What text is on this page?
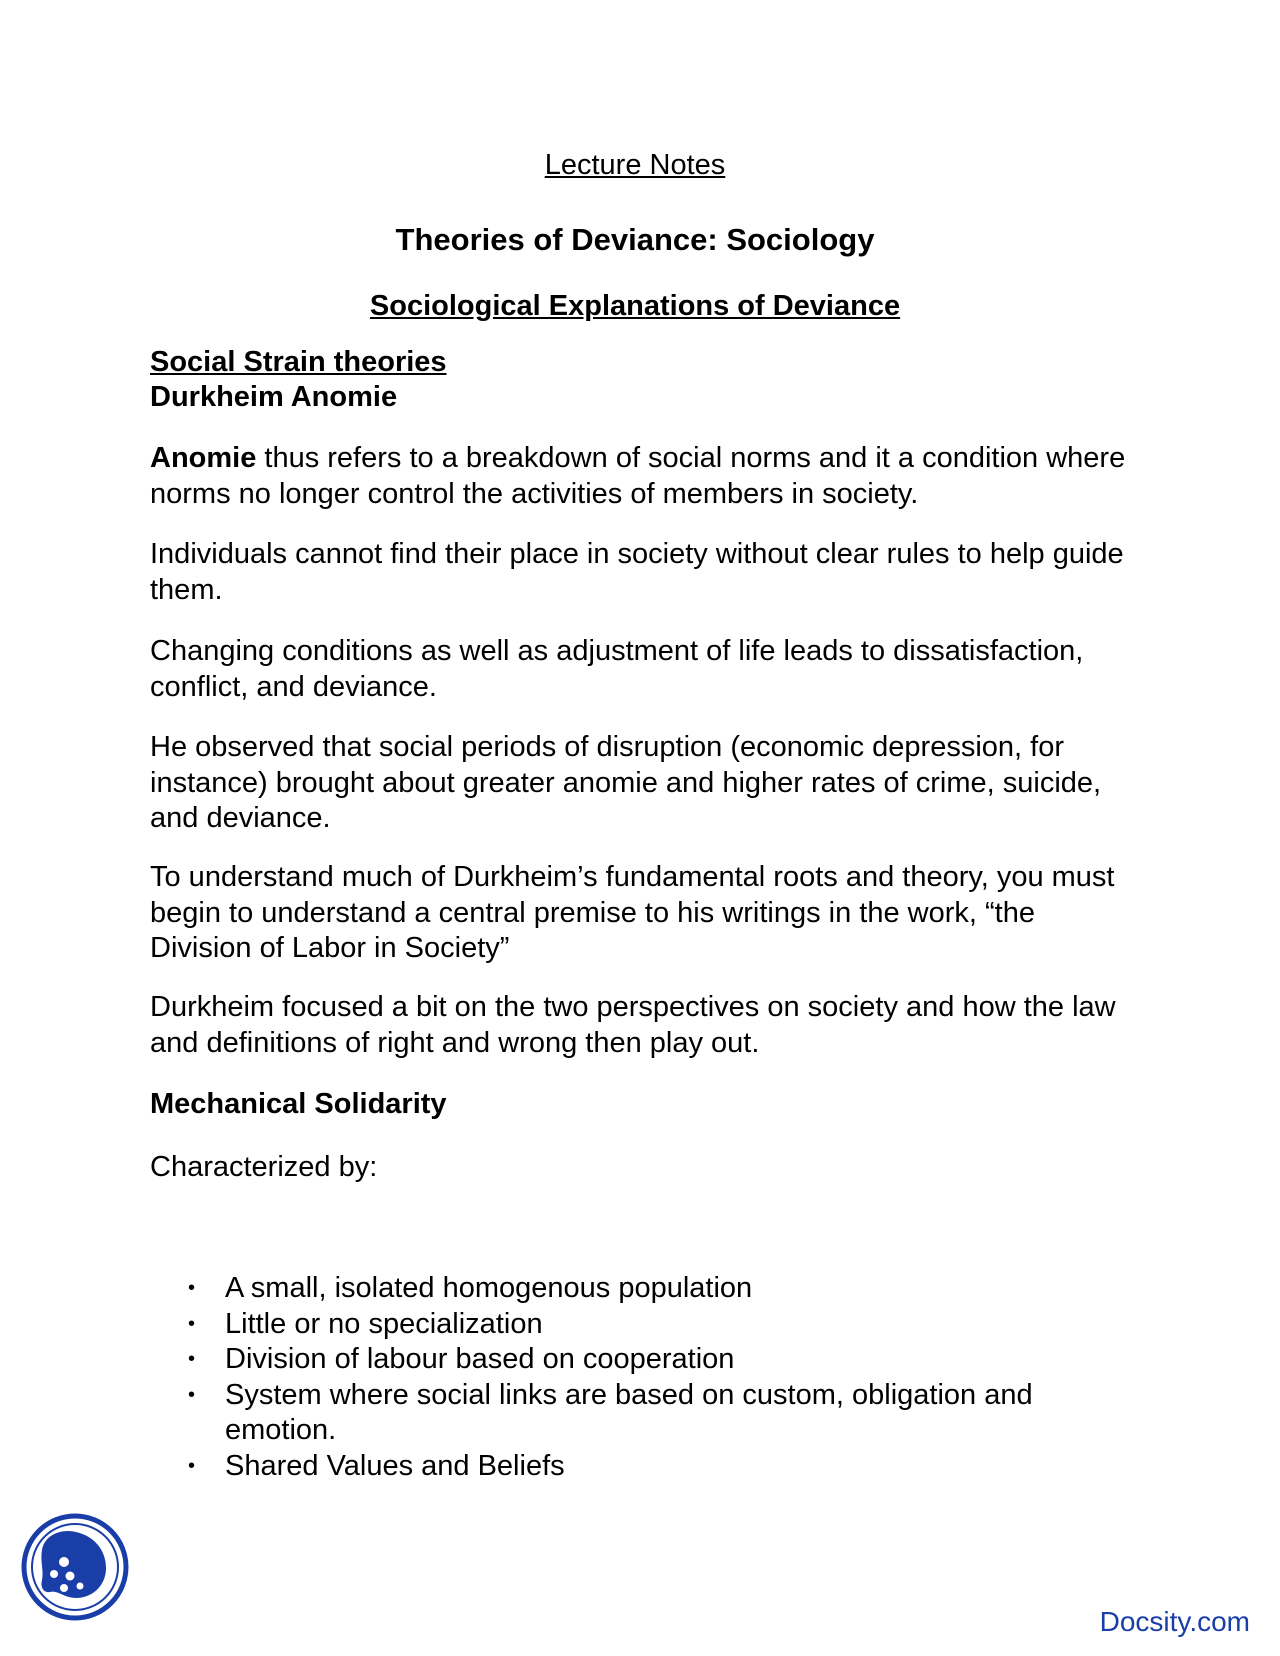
Lecture Notes

Theories of Deviance: Sociology

Sociological Explanations of Deviance

Social Strain theories

Durkheim Anomie

Anomie thus refers to a breakdown of social norms and it a condition where norms no longer control the activities of members in society.

Individuals cannot find their place in society without clear rules to help guide them.

Changing conditions as well as adjustment of life leads to dissatisfaction, conflict, and deviance.

He observed that social periods of disruption (economic depression, for instance) brought about greater anomie and higher rates of crime, suicide, and deviance.

To understand much of Durkheim’s fundamental roots and theory, you must begin to understand a central premise to his writings in the work, “the Division of Labor in Society”

Durkheim focused a bit on the two perspectives on society and how the law and definitions of right and wrong then play out.

Mechanical Solidarity

Characterized by:

• A small, isolated homogenous population
• Little or no specialization
• Division of labour based on cooperation
• System where social links are based on custom, obligation and emotion.
• Shared Values and Beliefs
Docsity.com
